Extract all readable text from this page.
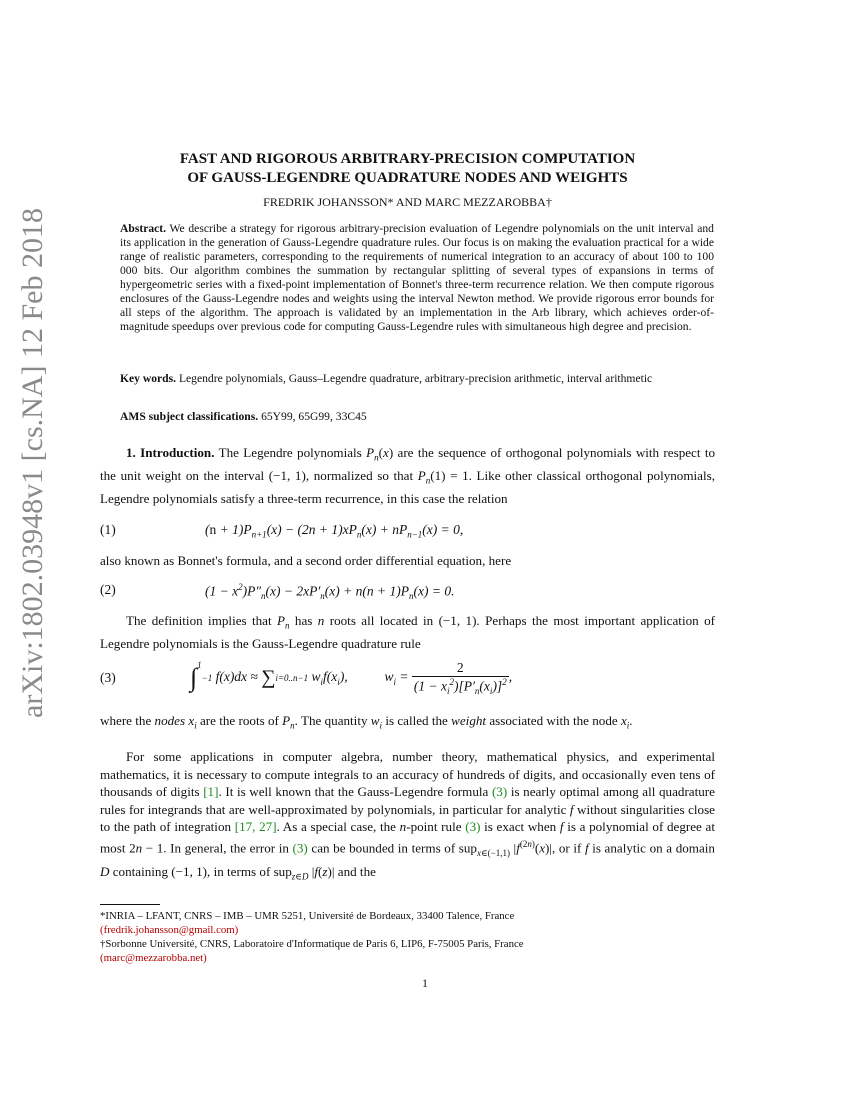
arXiv:1802.03948v1 [cs.NA] 12 Feb 2018
FAST AND RIGOROUS ARBITRARY-PRECISION COMPUTATION
OF GAUSS-LEGENDRE QUADRATURE NODES AND WEIGHTS
FREDRIK JOHANSSON* AND MARC MEZZAROBBA†
Abstract. We describe a strategy for rigorous arbitrary-precision evaluation of Legendre polynomials on the unit interval and its application in the generation of Gauss-Legendre quadrature rules. Our focus is on making the evaluation practical for a wide range of realistic parameters, corresponding to the requirements of numerical integration to an accuracy of about 100 to 100 000 bits. Our algorithm combines the summation by rectangular splitting of several types of expansions in terms of hypergeometric series with a fixed-point implementation of Bonnet's three-term recurrence relation. We then compute rigorous enclosures of the Gauss-Legendre nodes and weights using the interval Newton method. We provide rigorous error bounds for all steps of the algorithm. The approach is validated by an implementation in the Arb library, which achieves order-of-magnitude speedups over previous code for computing Gauss-Legendre rules with simultaneous high degree and precision.
Key words. Legendre polynomials, Gauss–Legendre quadrature, arbitrary-precision arithmetic, interval arithmetic
AMS subject classifications. 65Y99, 65G99, 33C45
1. Introduction. The Legendre polynomials $P_n(x)$ are the sequence of orthogonal polynomials with respect to the unit weight on the interval (−1, 1), normalized so that $P_n(1) = 1$. Like other classical orthogonal polynomials, Legendre polynomials satisfy a three-term recurrence, in this case the relation
(1)	$(n + 1)P_{n+1}(x) - (2n + 1)xP_n(x) + nP_{n-1}(x) = 0$,
also known as Bonnet's formula, and a second order differential equation, here
(2)	$(1 - x^2)P''_n(x) - 2xP'_n(x) + n(n + 1)P_n(x) = 0$.
The definition implies that $P_n$ has n roots all located in (−1, 1). Perhaps the most important application of Legendre polynomials is the Gauss-Legendre quadrature rule
(3)	∫$^1$−1 f(x)dx ≈ ∑i=0..n−1 $w_if(x_i)$,  $w_i = \frac{2}{(1 - x_i^2)[P'_n(x_i)]^2}$ ,
where the nodes $x_i$ are the roots of $P_n$. The quantity $w_i$ is called the weight associated with the node $x_i$.
For some applications in computer algebra, number theory, mathematical physics, and experimental mathematics, it is necessary to compute integrals to an accuracy of hundreds of digits, and occasionally even tens of thousands of digits [1]. It is well known that the Gauss-Legendre formula (3) is nearly optimal among all quadrature rules for integrands that are well-approximated by polynomials, in particular for analytic f without singularities close to the path of integration [17, 27]. As a special case, the n-point rule (3) is exact when f is a polynomial of degree at most 2n − 1. In general, the error in (3) can be bounded in terms of sup$_{x\in(-1,1)}$ $|f^{(2n)}(x)|$, or if f is analytic on a domain D containing (−1, 1), in terms of sup$_{z\in D}$ |f(z)| and the
*INRIA – LFANT, CNRS – IMB – UMR 5251, Université de Bordeaux, 33400 Talence, France
(fredrik.johansson@gmail.com)
†Sorbonne Université, CNRS, Laboratoire d'Informatique de Paris 6, LIP6, F-75005 Paris, France
(marc@mezzarobba.net)
1
